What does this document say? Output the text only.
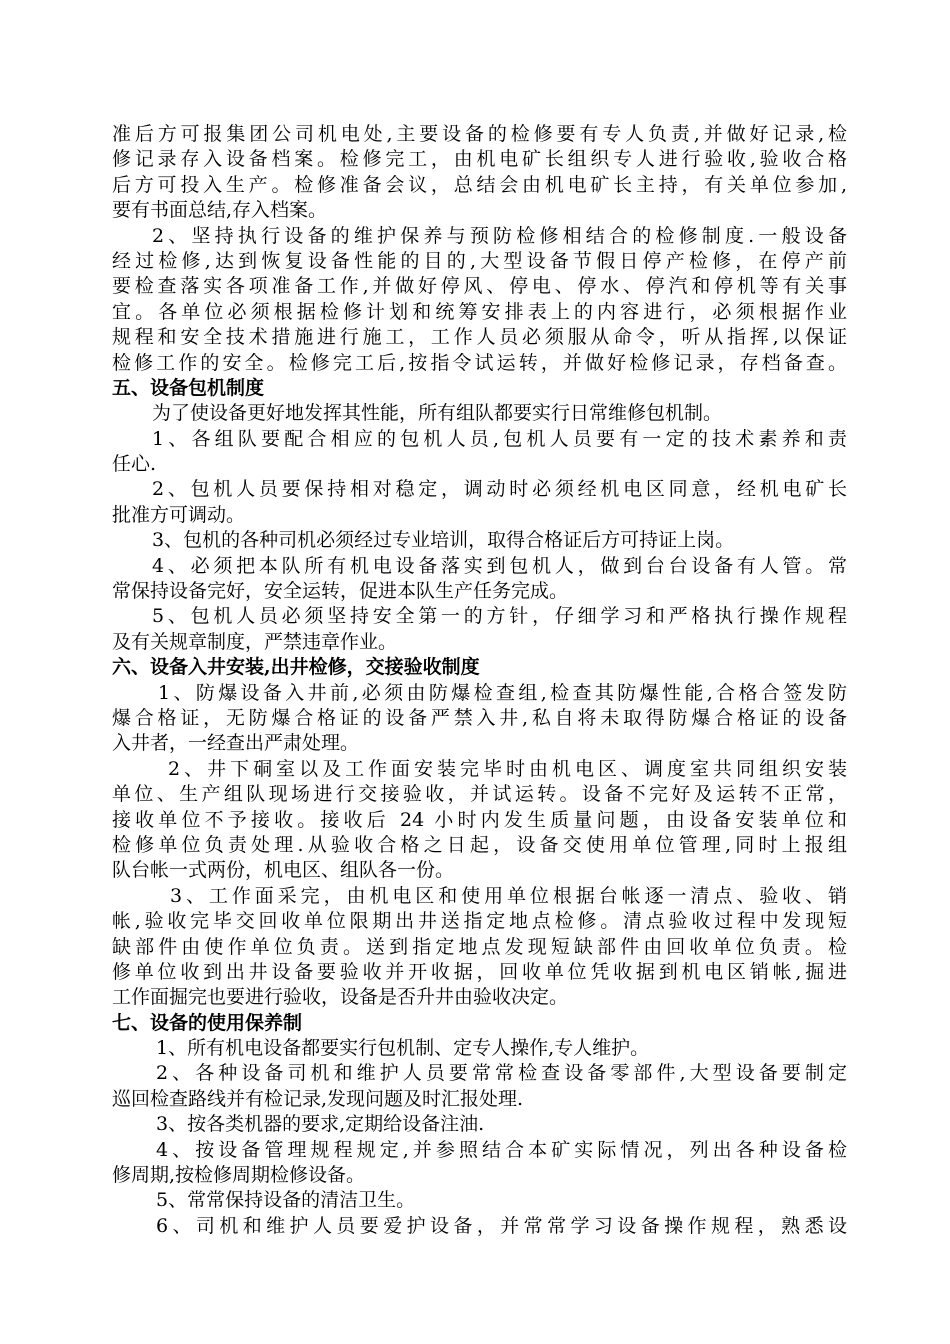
准后方可报集团公司机电处,主要设备的检修要有专人负责,并做好记录,检
修记录存入设备档案。检修完工，由机电矿长组织专人进行验收,验收合格
后方可投入生产。检修准备会议，总结会由机电矿长主持，有关单位参加,
要有书面总结,存入档案。
2、坚持执行设备的维护保养与预防检修相结合的检修制度.一般设备
经过检修,达到恢复设备性能的目的,大型设备节假日停产检修，在停产前
要检查落实各项准备工作,并做好停风、停电、停水、停汽和停机等有关事
宜。各单位必须根据检修计划和统筹安排表上的内容进行，必须根据作业
规程和安全技术措施进行施工，工作人员必须服从命令，听从指挥,以保证
检修工作的安全。检修完工后,按指令试运转，并做好检修记录，存档备查。
五、设备包机制度
为了使设备更好地发挥其性能，所有组队都要实行日常维修包机制。
1、各组队要配合相应的包机人员,包机人员要有一定的技术素养和责
任心.
2、包机人员要保持相对稳定，调动时必须经机电区同意，经机电矿长
批准方可调动。
3、包机的各种司机必须经过专业培训，取得合格证后方可持证上岗。
4、必须把本队所有机电设备落实到包机人，做到台台设备有人管。常
常保持设备完好，安全运转，促进本队生产任务完成。
5、包机人员必须坚持安全第一的方针，仔细学习和严格执行操作规程
及有关规章制度，严禁违章作业。
六、设备入井安装,出井检修，交接验收制度
1、防爆设备入井前,必须由防爆检查组,检查其防爆性能,合格合签发防
爆合格证，无防爆合格证的设备严禁入井,私自将未取得防爆合格证的设备
入井者，一经查出严肃处理。
2、井下硐室以及工作面安装完毕时由机电区、调度室共同组织安装
单位、生产组队现场进行交接验收，并试运转。设备不完好及运转不正常，
接收单位不予接收。接收后 24 小时内发生质量问题，由设备安装单位和
检修单位负责处理.从验收合格之日起，设备交使用单位管理,同时上报组
队台帐一式两份，机电区、组队各一份。
3、工作面采完，由机电区和使用单位根据台帐逐一清点、验收、销
帐,验收完毕交回收单位限期出井送指定地点检修。清点验收过程中发现短
缺部件由使作单位负责。送到指定地点发现短缺部件由回收单位负责。检
修单位收到出井设备要验收并开收据，回收单位凭收据到机电区销帐,掘进
工作面掘完也要进行验收，设备是否升井由验收决定。
七、设备的使用保养制
1、所有机电设备都要实行包机制、定专人操作,专人维护。
2、各种设备司机和维护人员要常常检查设备零部件,大型设备要制定
巡回检查路线并有检记录,发现问题及时汇报处理.
3、按各类机器的要求,定期给设备注油.
4、按设备管理规程规定,并参照结合本矿实际情况，列出各种设备检
修周期,按检修周期检修设备。
5、常常保持设备的清洁卫生。
6、司机和维护人员要爱护设备，并常常学习设备操作规程，熟悉设
